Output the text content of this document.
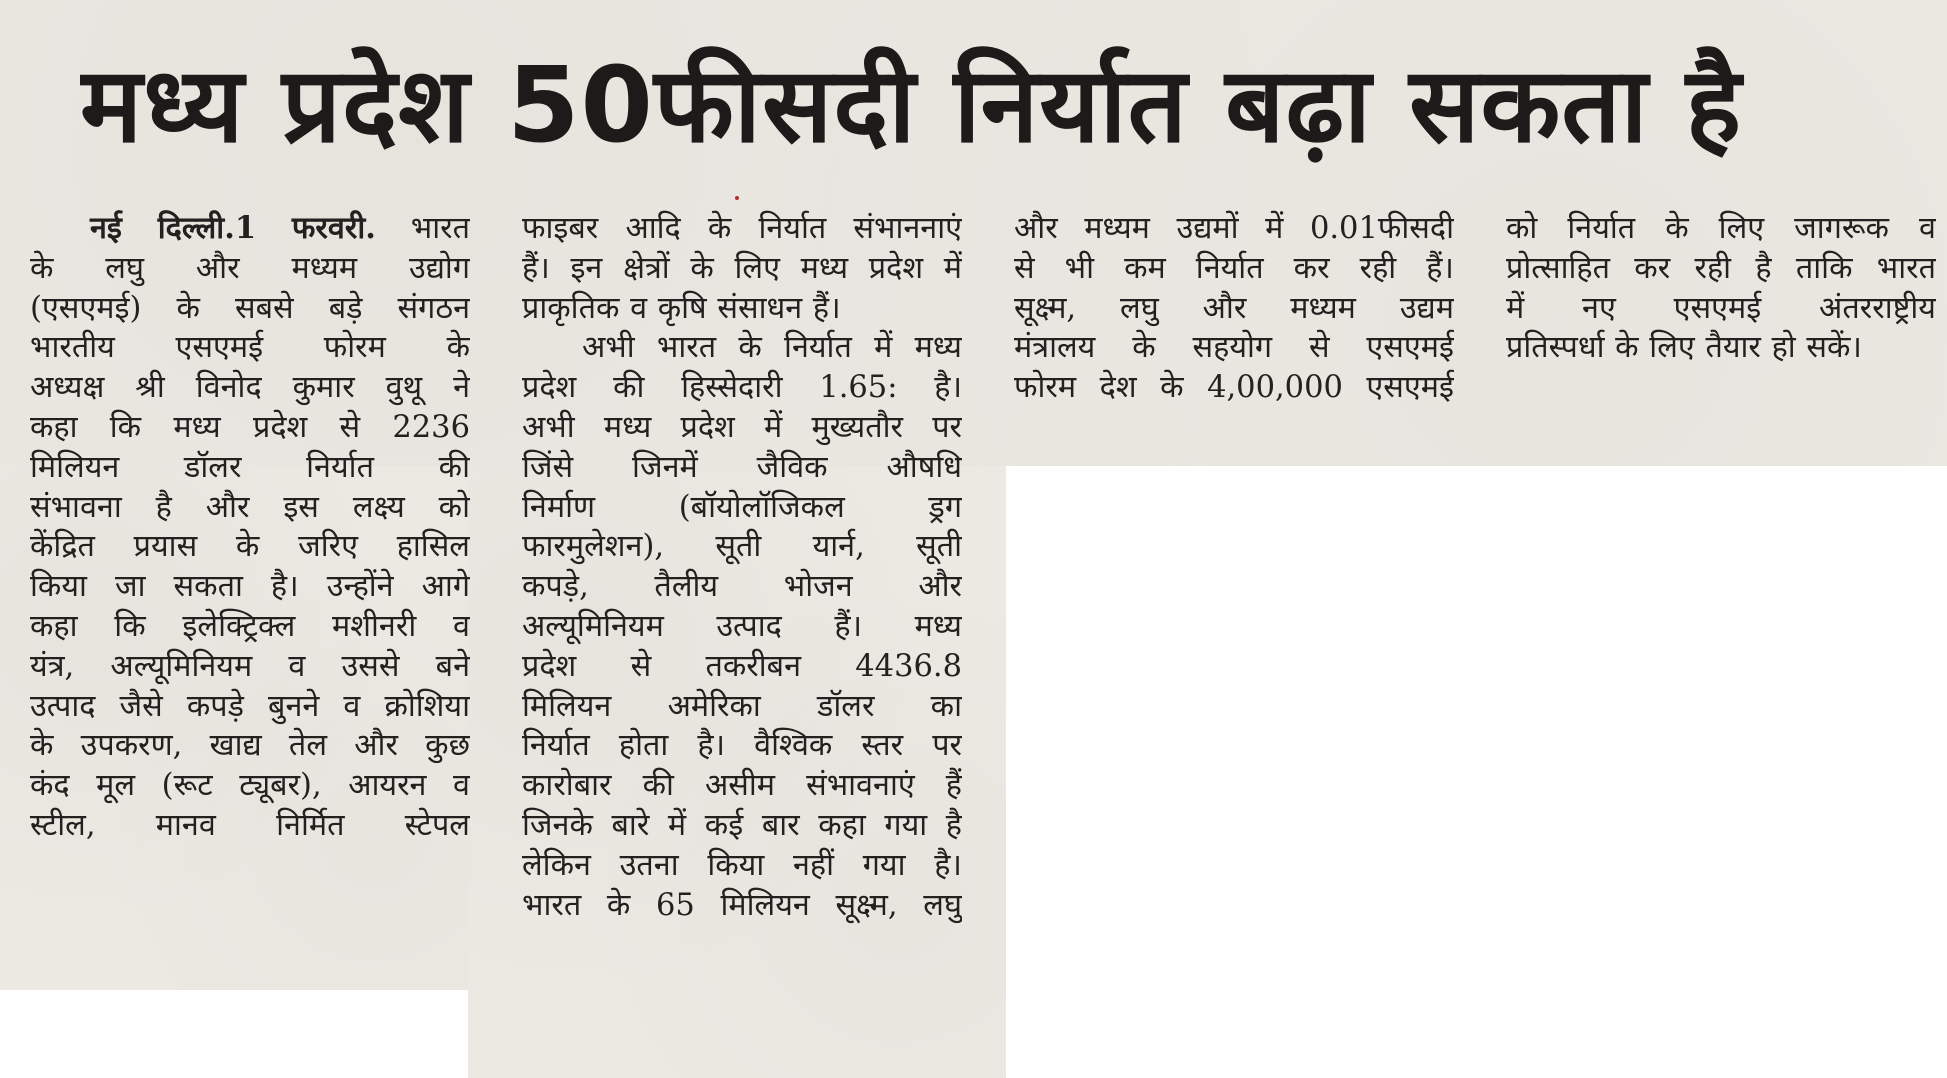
मध्य प्रदेश 50फीसदी निर्यात बढ़ा सकता है
नई दिल्ली.1 फरवरी. भारत
के लघु और मध्यम उद्योग
(एसएमई) के सबसे बड़े संगठन
भारतीय एसएमई फोरम के
अध्यक्ष श्री विनोद कुमार वुथू ने
कहा कि मध्य प्रदेश से 2236
मिलियन डॉलर निर्यात की
संभावना है और इस लक्ष्य को
केंद्रित प्रयास के जरिए हासिल
किया जा सकता है। उन्होंने आगे
कहा कि इलेक्ट्रिक्ल मशीनरी व
यंत्र, अल्यूमिनियम व उससे बने
उत्पाद जैसे कपड़े बुनने व क्रोशिया
के उपकरण, खाद्य तेल और कुछ
कंद मूल (रूट ट्यूबर), आयरन व
स्टील, मानव निर्मित स्टेपल
फाइबर आदि के निर्यात संभाननाएं
हैं। इन क्षेत्रों के लिए मध्य प्रदेश में
प्राकृतिक व कृषि संसाधन हैं।
अभी भारत के निर्यात में मध्य
प्रदेश की हिस्सेदारी 1.65: है।
अभी मध्य प्रदेश में मुख्यतौर पर
जिंसे जिनमें जैविक औषधि
निर्माण (बॉयोलॉजिकल ड्रग
फारमुलेशन), सूती यार्न, सूती
कपड़े, तैलीय भोजन और
अल्यूमिनियम उत्पाद हैं। मध्य
प्रदेश से तकरीबन 4436.8
मिलियन अमेरिका डॉलर का
निर्यात होता है। वैश्विक स्तर पर
कारोबार की असीम संभावनाएं हैं
जिनके बारे में कई बार कहा गया है
लेकिन उतना किया नहीं गया है।
भारत के 65 मिलियन सूक्ष्म, लघु
और मध्यम उद्यमों में 0.01फीसदी
से भी कम निर्यात कर रही हैं।
सूक्ष्म, लघु और मध्यम उद्यम
मंत्रालय के सहयोग से एसएमई
फोरम देश के 4,00,000 एसएमई
को निर्यात के लिए जागरूक व
प्रोत्साहित कर रही है ताकि भारत
में नए एसएमई अंतरराष्ट्रीय
प्रतिस्पर्धा के लिए तैयार हो सकें।
